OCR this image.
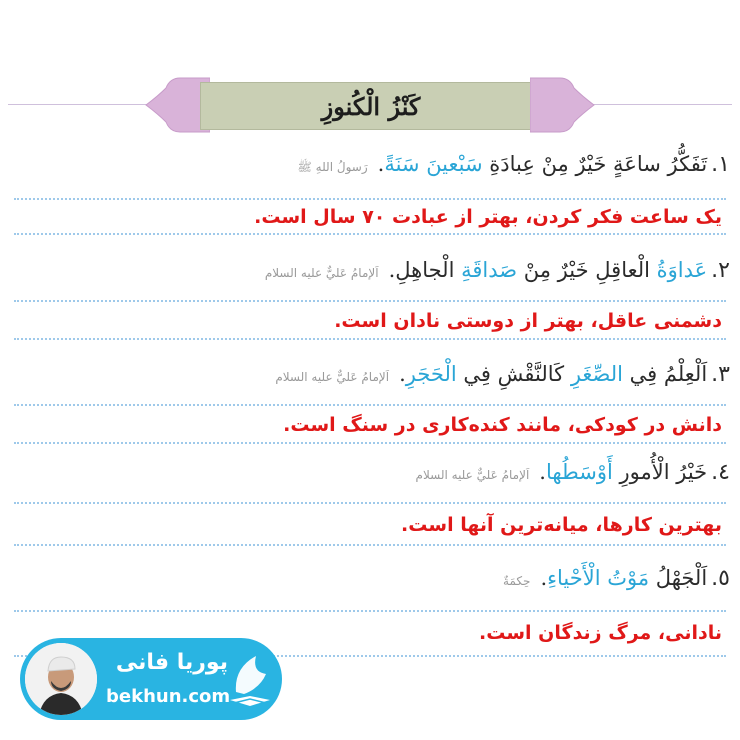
كَنْزُ الْكُنوزِ
١.
تَفَكُّرُ ساعَةٍ خَيْرٌ مِنْ عِبادَةِ سَبْعينَ سَنَةً.
رَسولُ اللهِ ﷺ
یک ساعت فکر کردن، بهتر از عبادت ۷۰ سال است.
٢.
عَداوَةُ الْعاقِلِ خَيْرٌ مِنْ صَداقَةِ الْجاهِلِ.
اَلإمامُ عَليٌّ عليه السلام
دشمنی عاقل، بهتر از دوستی نادان است.
٣.
اَلْعِلْمُ فِي الصِّغَرِ كَالنَّقْشِ فِي الْحَجَرِ.
اَلإمامُ عَليٌّ عليه السلام
دانش در کودکی، مانند کنده‌کاری در سنگ است.
٤.
خَيْرُ الْأُمورِ أَوْسَطُها.
اَلإمامُ عَليٌّ عليه السلام
بهترین کارها، میانه‌ترین آنها است.
٥.
اَلْجَهْلُ مَوْتُ الْأَحْياءِ.
حِكمَةٌ
نادانی، مرگ زندگان است.
پوریا فانی
bekhun.com
